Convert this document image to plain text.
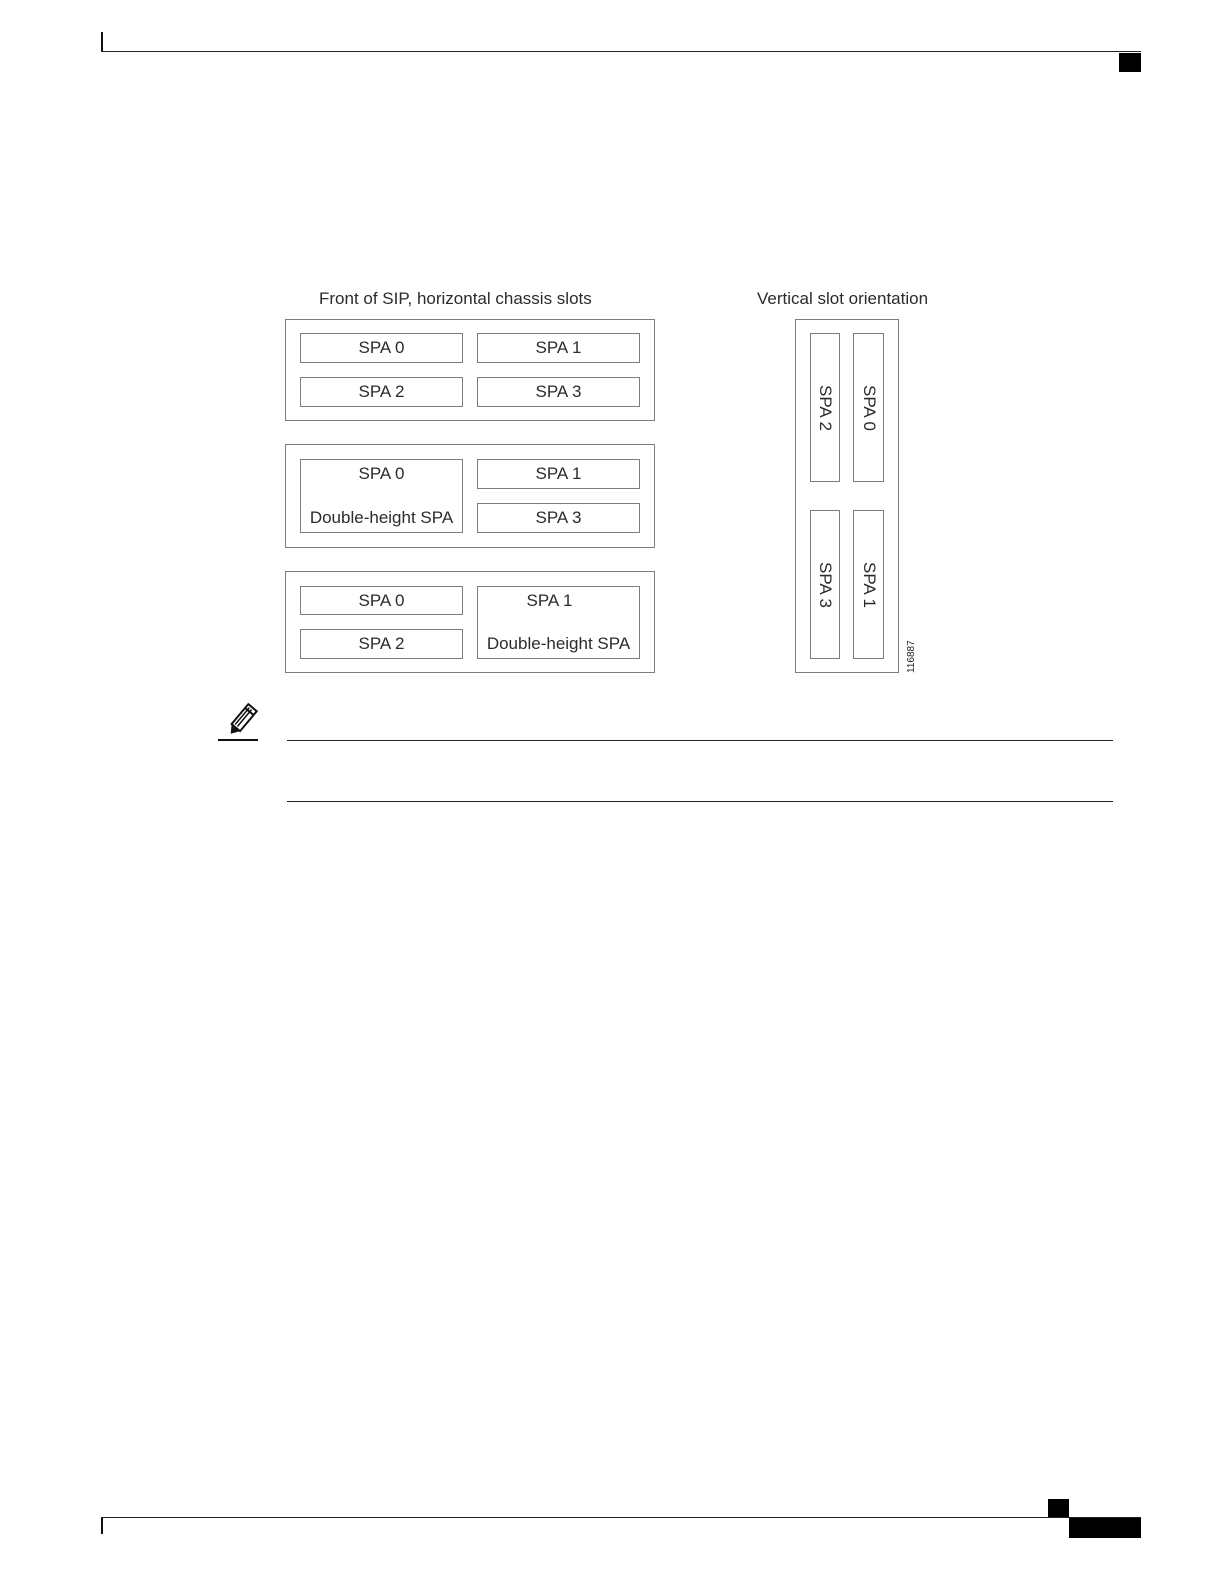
Front of SIP, horizontal chassis slots	Vertical slot orientation
SPA 0	SPA 1
SPA 2	SPA 3
SPA 0
Double-height SPA
SPA 1
SPA 3
SPA 0	SPA 1
Double-height SPA
SPA 2
SPA 2 SPA 0
SPA 3 SPA 1
116887
